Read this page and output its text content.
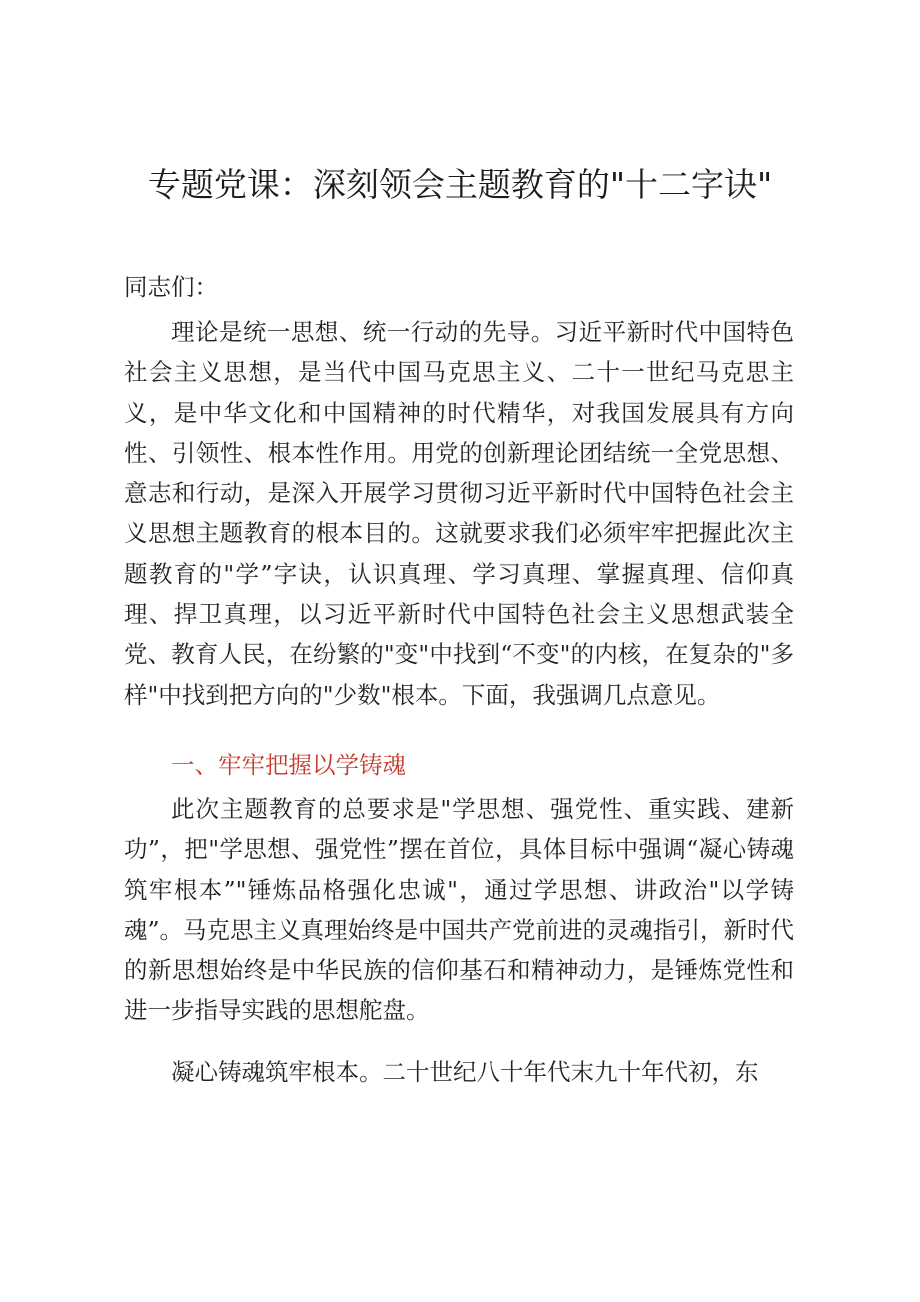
专题党课：深刻领会主题教育的"十二字诀"
同志们：
理论是统一思想、统一行动的先导。习近平新时代中国特色社会主义思想，是当代中国马克思主义、二十一世纪马克思主义，是中华文化和中国精神的时代精华，对我国发展具有方向性、引领性、根本性作用。用党的创新理论团结统一全党思想、意志和行动，是深入开展学习贯彻习近平新时代中国特色社会主义思想主题教育的根本目的。这就要求我们必须牢牢把握此次主题教育的"学”字诀，认识真理、学习真理、掌握真理、信仰真理、捍卫真理，以习近平新时代中国特色社会主义思想武装全党、教育人民，在纷繁的"变"中找到“不变"的内核，在复杂的"多样"中找到把方向的"少数"根本。下面，我强调几点意见。
一、牢牢把握以学铸魂
此次主题教育的总要求是"学思想、强党性、重实践、建新功”，把"学思想、强党性”摆在首位，具体目标中强调“凝心铸魂筑牢根本”"锤炼品格强化忠诚"，通过学思想、讲政治"以学铸魂”。马克思主义真理始终是中国共产党前进的灵魂指引，新时代的新思想始终是中华民族的信仰基石和精神动力，是锤炼党性和进一步指导实践的思想舵盘。
凝心铸魂筑牢根本。二十世纪八十年代末九十年代初，东
